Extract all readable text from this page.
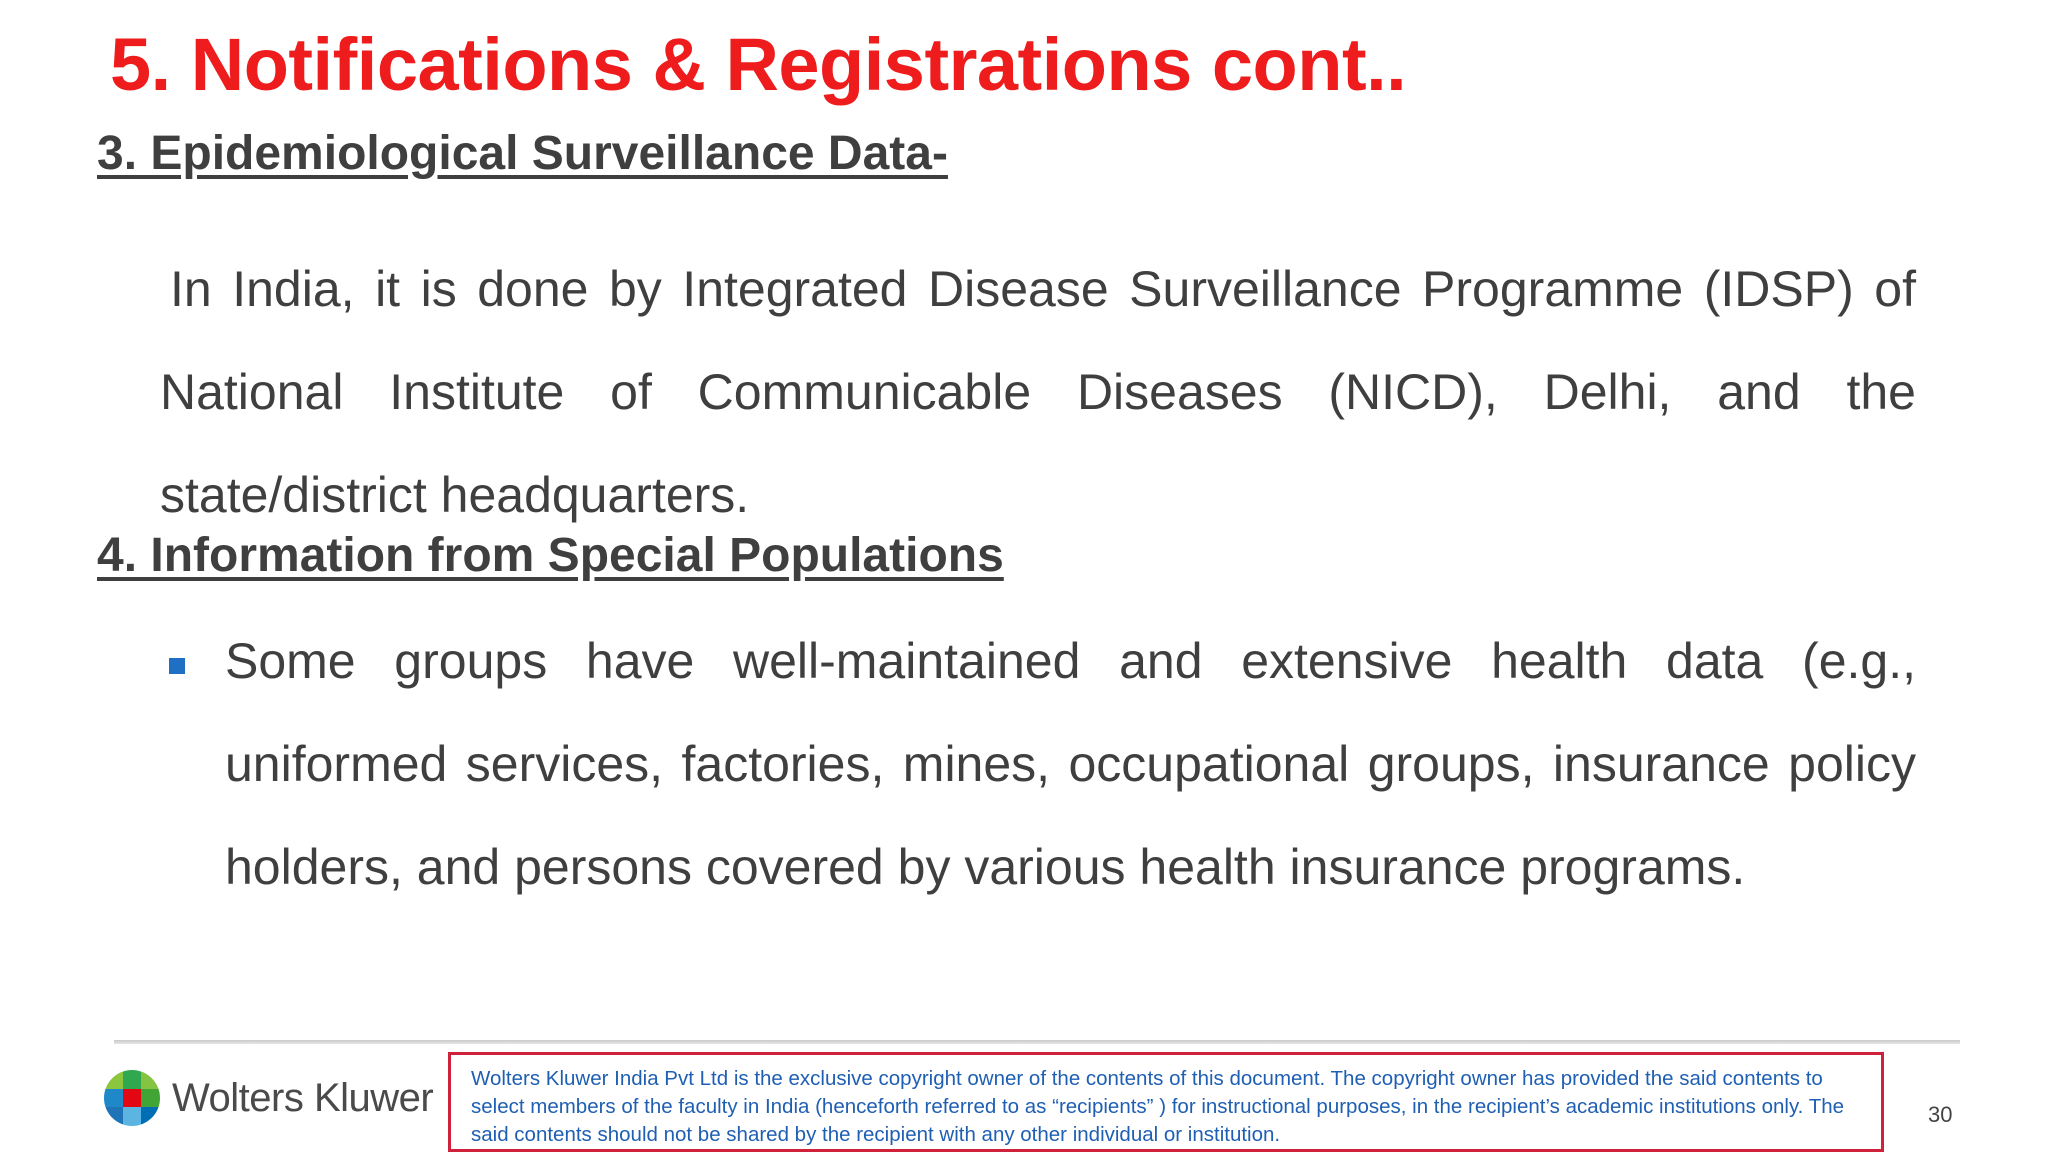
5. Notifications & Registrations cont..
3. Epidemiological Surveillance Data-
In India, it is done by Integrated Disease Surveillance Programme (IDSP) of National Institute of Communicable Diseases (NICD), Delhi, and the state/district headquarters.
4. Information from Special Populations
Some groups have well-maintained and extensive health data (e.g., uniformed services, factories, mines, occupational groups, insurance policy holders, and persons covered by various health insurance programs.
Wolters Kluwer	Wolters Kluwer India Pvt Ltd is the exclusive copyright owner of the contents of this document. The copyright owner has provided the said contents to select members of the faculty in India (henceforth referred to as “recipients” ) for instructional purposes, in the recipient’s academic institutions only. The said contents should not be shared by the recipient with any other individual or institution.
30
